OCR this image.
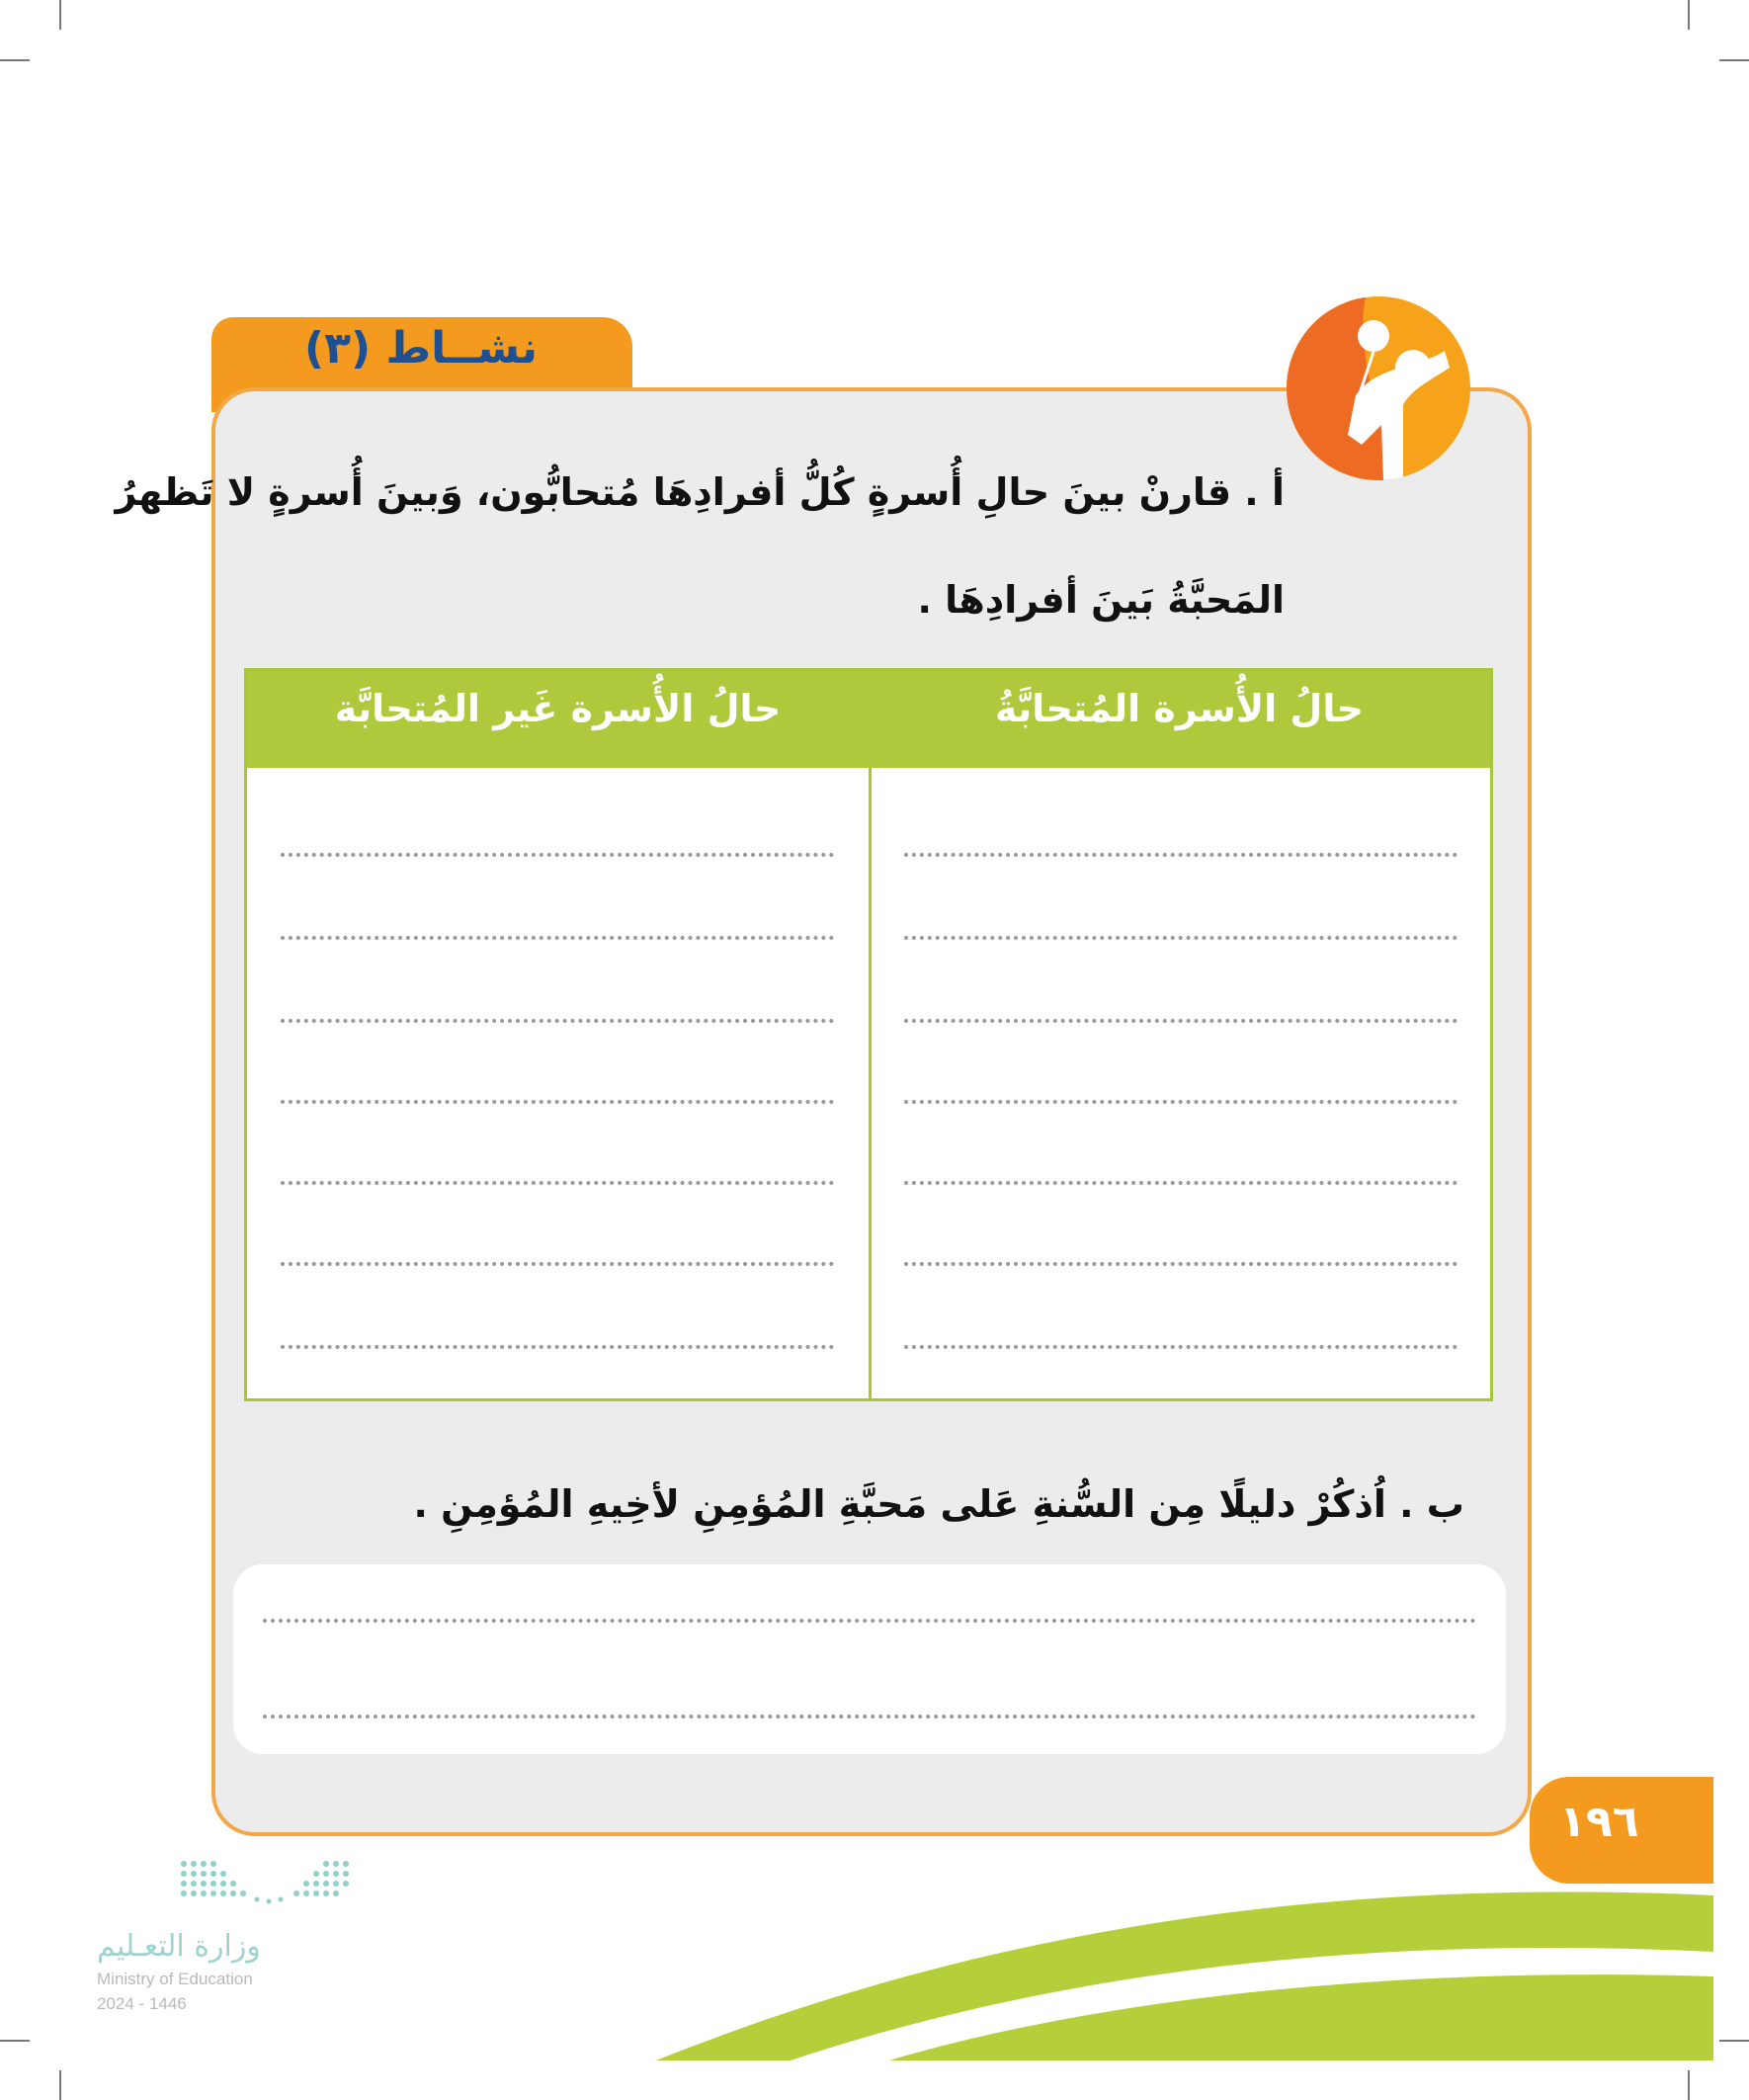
نشــاط (٣)
أ . قارنْ بينَ حالِ أُسرةٍ كُلُّ أفرادِهَا مُتحابُّون، وَبينَ أُسرةٍ لا تَظهرُ
المَحبَّةُ بَينَ أفرادِهَا .
حالُ الأُسرة المُتحابَّةُ
حالُ الأُسرة غَير المُتحابَّة
ب . اُذكُرْ دليلًا مِن السُّنةِ عَلى مَحبَّةِ المُؤمِنِ لأخِيهِ المُؤمِنِ .
١٩٦
وزارة التعـليم
Ministry of Education
2024 - 1446
